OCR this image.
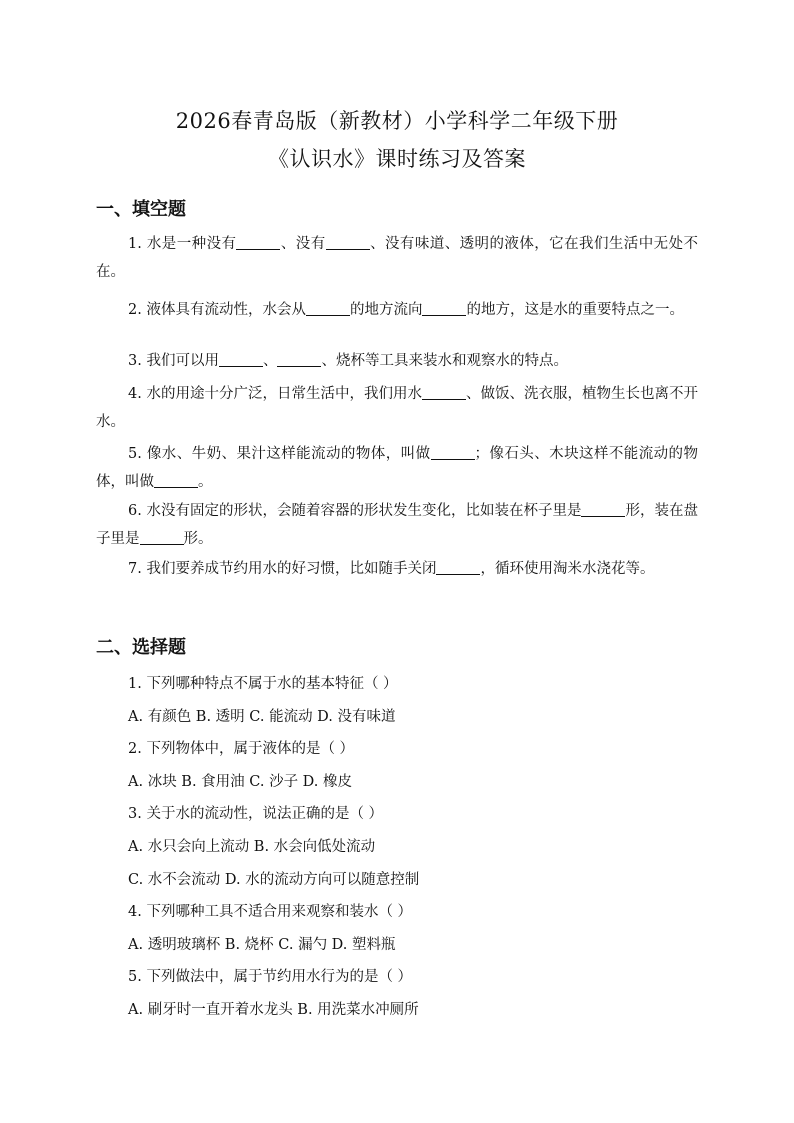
2026春青岛版（新教材）小学科学二年级下册
《认识水》课时练习及答案
一、填空题
1. 水是一种没有	、没有	、没有味道、透明的液体，它在我们生活中无处不在。
2. 液体具有流动性，水会从	的地方流向	的地方，这是水的重要特点之一。
3. 我们可以用	、	、烧杯等工具来装水和观察水的特点。
4. 水的用途十分广泛，日常生活中，我们用水	、做饭、洗衣服，植物生长也离不开水。
5. 像水、牛奶、果汁这样能流动的物体，叫做	；像石头、木块这样不能流动的物体，叫做	。
6. 水没有固定的形状，会随着容器的形状发生变化，比如装在杯子里是	形，装在盘子里是	形。
7. 我们要养成节约用水的好习惯，比如随手关闭	，循环使用淘米水浇花等。
二、选择题
1. 下列哪种特点不属于水的基本特征（ ）
A. 有颜色 B. 透明 C. 能流动 D. 没有味道
2. 下列物体中，属于液体的是（ ）
A. 冰块 B. 食用油 C. 沙子 D. 橡皮
3. 关于水的流动性，说法正确的是（ ）
A. 水只会向上流动 B. 水会向低处流动
C. 水不会流动 D. 水的流动方向可以随意控制
4. 下列哪种工具不适合用来观察和装水（ ）
A. 透明玻璃杯 B. 烧杯 C. 漏勺 D. 塑料瓶
5. 下列做法中，属于节约用水行为的是（ ）
A. 刷牙时一直开着水龙头 B. 用洗菜水冲厕所
